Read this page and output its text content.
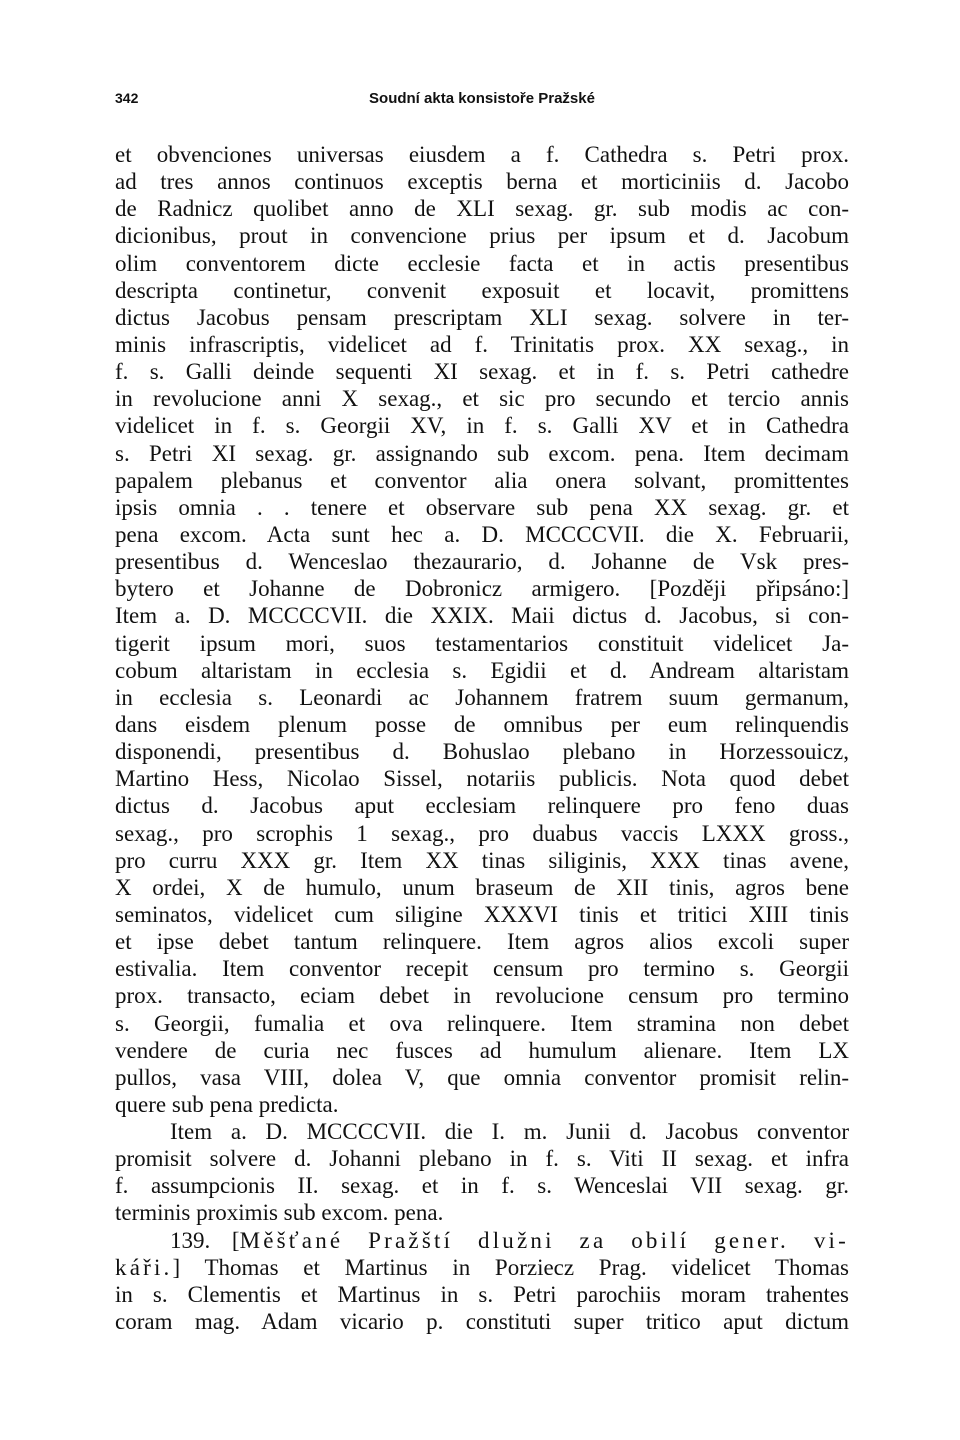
342	Soudní akta konsistoře Pražské
et obvenciones universas eiusdem a f. Cathedra s. Petri prox.
ad tres annos continuos exceptis berna et morticiniis d. Jacobo
de Radnicz quolibet anno de XLI sexag. gr. sub modis ac con-
dicionibus, prout in convencione prius per ipsum et d. Jacobum
olim conventorem dicte ecclesie facta et in actis presentibus
descripta continetur, convenit exposuit et locavit, promittens
dictus Jacobus pensam prescriptam XLI sexag. solvere in ter-
minis infrascriptis, videlicet ad f. Trinitatis prox. XX sexag., in
f. s. Galli deinde sequenti XI sexag. et in f. s. Petri cathedre
in revolucione anni X sexag., et sic pro secundo et tercio annis
videlicet in f. s. Georgii XV, in f. s. Galli XV et in Cathedra
s. Petri XI sexag. gr. assignando sub excom. pena. Item decimam
papalem plebanus et conventor alia onera solvant, promittentes
ipsis omnia . . tenere et observare sub pena XX sexag. gr. et
pena excom. Acta sunt hec a. D. MCCCCVII. die X. Februarii,
presentibus d. Wenceslao thezaurario, d. Johanne de Vsk pres-
bytero et Johanne de Dobronicz armigero. [Později připsáno:]
Item a. D. MCCCCVII. die XXIX. Maii dictus d. Jacobus, si con-
tigerit ipsum mori, suos testamentarios constituit videlicet Ja-
cobum altaristam in ecclesia s. Egidii et d. Andream altaristam
in ecclesia s. Leonardi ac Johannem fratrem suum germanum,
dans eisdem plenum posse de omnibus per eum relinquendis
disponendi, presentibus d. Bohuslao plebano in Horzessouicz,
Martino Hess, Nicolao Sissel, notariis publicis. Nota quod debet
dictus d. Jacobus aput ecclesiam relinquere pro feno duas
sexag., pro scrophis 1 sexag., pro duabus vaccis LXXX gross.,
pro curru XXX gr. Item XX tinas siliginis, XXX tinas avene,
X ordei, X de humulo, unum braseum de XII tinis, agros bene
seminatos, videlicet cum siligine XXXVI tinis et tritici XIII tinis
et ipse debet tantum relinquere. Item agros alios excoli super
estivalia. Item conventor recepit censum pro termino s. Georgii
prox. transacto, eciam debet in revolucione censum pro termino
s. Georgii, fumalia et ova relinquere. Item stramina non debet
vendere de curia nec fusces ad humulum alienare. Item LX
pullos, vasa VIII, dolea V, que omnia conventor promisit relin-
quere sub pena predicta.
Item a. D. MCCCCVII. die I. m. Junii d. Jacobus conventor
promisit solvere d. Johanni plebano in f. s. Viti II sexag. et infra
f. assumpcionis II. sexag. et in f. s. Wenceslai VII sexag. gr.
terminis proximis sub excom. pena.
139. [Měšťané Pražští dlužni za obilí gener. vi-
káři.] Thomas et Martinus in Porziecz Prag. videlicet Thomas
in s. Clementis et Martinus in s. Petri parochiis moram trahentes
coram mag. Adam vicario p. constituti super tritico aput dictum
